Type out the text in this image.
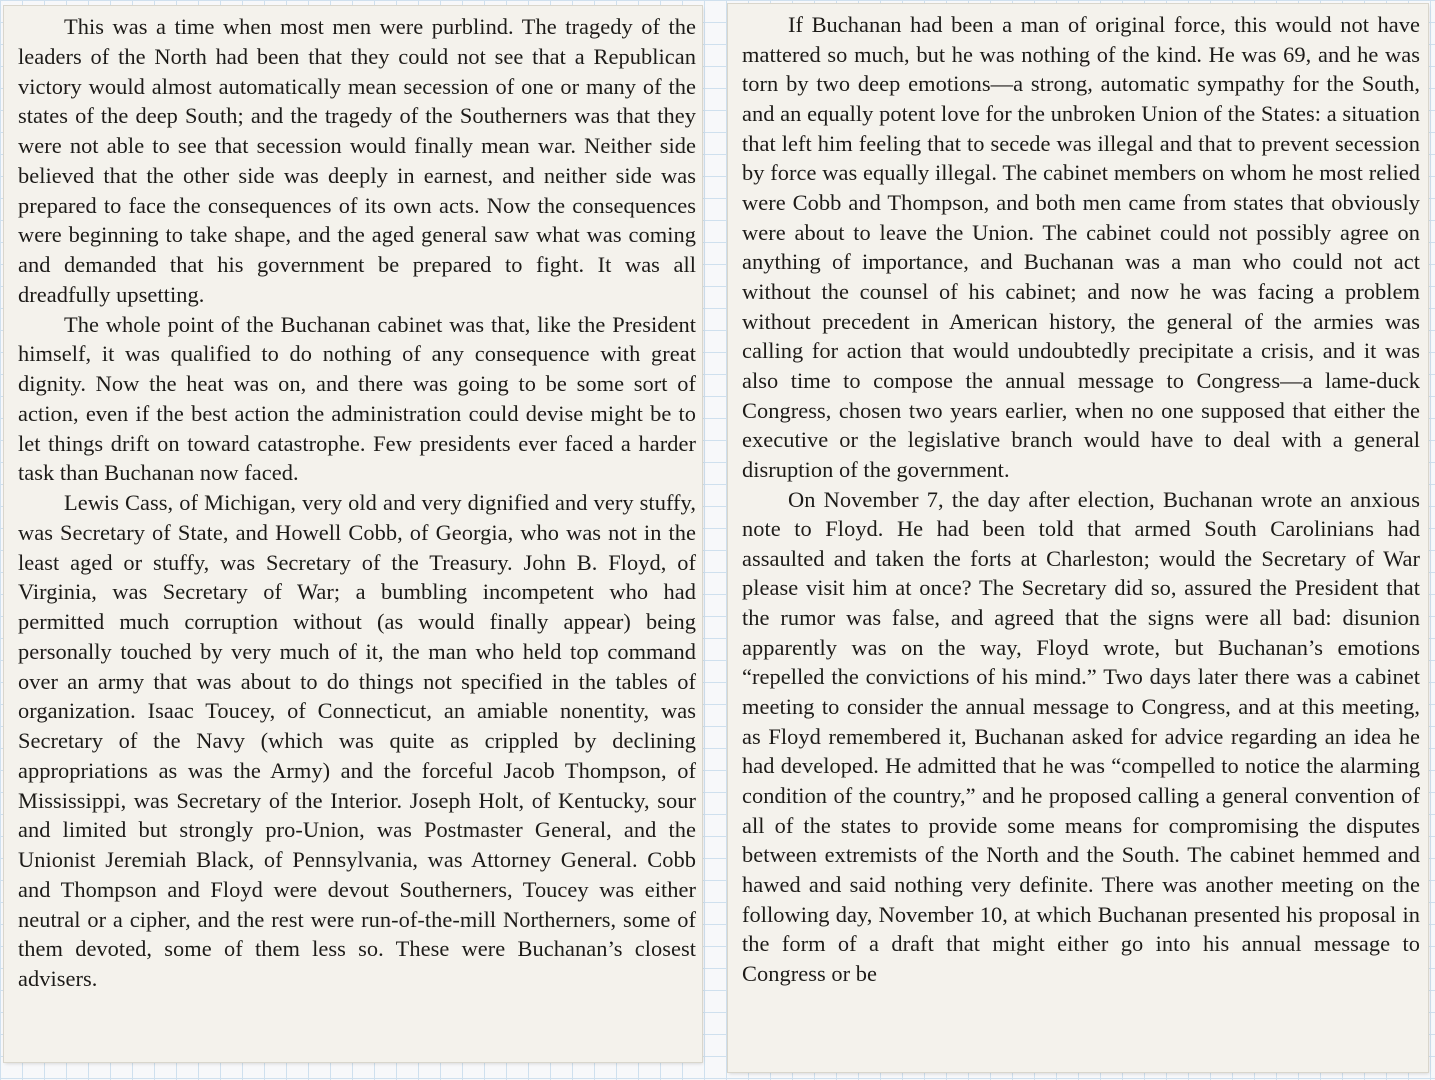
This was a time when most men were purblind. The tragedy of the leaders of the North had been that they could not see that a Republican victory would almost automatically mean secession of one or many of the states of the deep South; and the tragedy of the Southerners was that they were not able to see that secession would finally mean war. Neither side believed that the other side was deeply in earnest, and neither side was prepared to face the consequences of its own acts. Now the consequences were beginning to take shape, and the aged general saw what was coming and demanded that his government be prepared to fight. It was all dreadfully upsetting.

The whole point of the Buchanan cabinet was that, like the President himself, it was qualified to do nothing of any consequence with great dignity. Now the heat was on, and there was going to be some sort of action, even if the best action the administration could devise might be to let things drift on toward catastrophe. Few presidents ever faced a harder task than Buchanan now faced.

Lewis Cass, of Michigan, very old and very dignified and very stuffy, was Secretary of State, and Howell Cobb, of Georgia, who was not in the least aged or stuffy, was Secretary of the Treasury. John B. Floyd, of Virginia, was Secretary of War; a bumbling incompetent who had permitted much corruption without (as would finally appear) being personally touched by very much of it, the man who held top command over an army that was about to do things not specified in the tables of organization. Isaac Toucey, of Connecticut, an amiable nonentity, was Secretary of the Navy (which was quite as crippled by declining appropriations as was the Army) and the forceful Jacob Thompson, of Mississippi, was Secretary of the Interior. Joseph Holt, of Kentucky, sour and limited but strongly pro-Union, was Postmaster General, and the Unionist Jeremiah Black, of Pennsylvania, was Attorney General. Cobb and Thompson and Floyd were devout Southerners, Toucey was either neutral or a cipher, and the rest were run-of-the-mill Northerners, some of them devoted, some of them less so. These were Buchanan’s closest advisers.

If Buchanan had been a man of original force, this would not have mattered so much, but he was nothing of the kind. He was 69, and he was torn by two deep emotions—a strong, automatic sympathy for the South, and an equally potent love for the unbroken Union of the States: a situation that left him feeling that to secede was illegal and that to prevent secession by force was equally illegal. The cabinet members on whom he most relied were Cobb and Thompson, and both men came from states that obviously were about to leave the Union. The cabinet could not possibly agree on anything of importance, and Buchanan was a man who could not act without the counsel of his cabinet; and now he was facing a problem without precedent in American history, the general of the armies was calling for action that would undoubtedly precipitate a crisis, and it was also time to compose the annual message to Congress—a lame-duck Congress, chosen two years earlier, when no one supposed that either the executive or the legislative branch would have to deal with a general disruption of the government.

On November 7, the day after election, Buchanan wrote an anxious note to Floyd. He had been told that armed South Carolinians had assaulted and taken the forts at Charleston; would the Secretary of War please visit him at once? The Secretary did so, assured the President that the rumor was false, and agreed that the signs were all bad: disunion apparently was on the way, Floyd wrote, but Buchanan’s emotions “repelled the convictions of his mind.” Two days later there was a cabinet meeting to consider the annual message to Congress, and at this meeting, as Floyd remembered it, Buchanan asked for advice regarding an idea he had developed. He admitted that he was “compelled to notice the alarming condition of the country,” and he proposed calling a general convention of all of the states to provide some means for compromising the disputes between extremists of the North and the South. The cabinet hemmed and hawed and said nothing very definite. There was another meeting on the following day, November 10, at which Buchanan presented his proposal in the form of a draft that might either go into his annual message to Congress or be
